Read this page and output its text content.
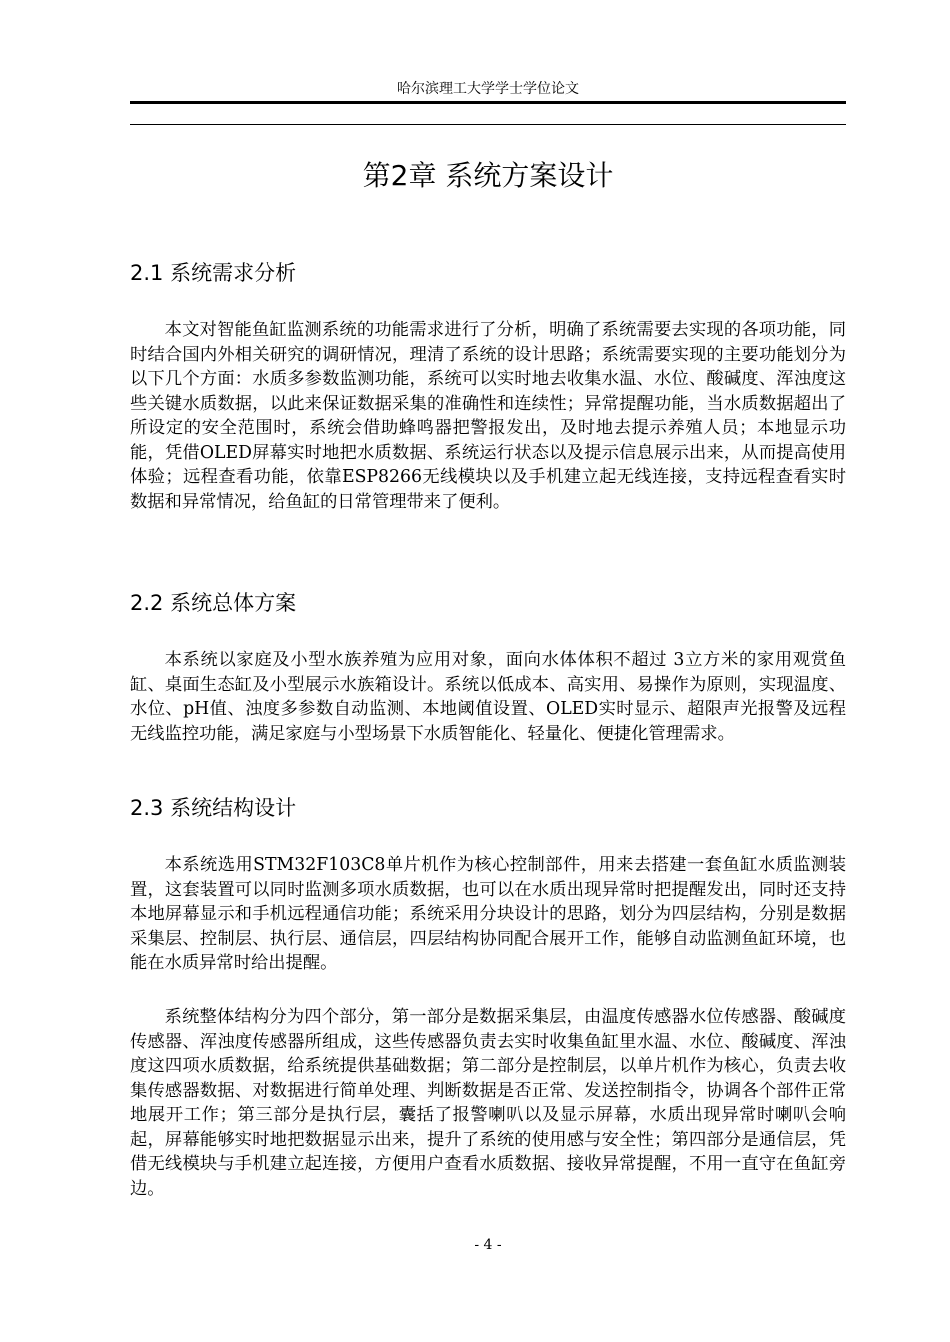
哈尔滨理工大学学士学位论文
第2章 系统方案设计
2.1 系统需求分析

本文对智能鱼缸监测系统的功能需求进行了分析，明确了系统需要去实现的各项功能，同时结合国内外相关研究的调研情况，理清了系统的设计思路；系统需要实现的主要功能划分为以下几个方面：水质多参数监测功能，系统可以实时地去收集水温、水位、酸碱度、浑浊度这些关键水质数据，以此来保证数据采集的准确性和连续性；异常提醒功能，当水质数据超出了所设定的安全范围时，系统会借助蜂鸣器把警报发出，及时地去提示养殖人员；本地显示功能，凭借OLED屏幕实时地把水质数据、系统运行状态以及提示信息展示出来，从而提高使用体验；远程查看功能，依靠ESP8266无线模块以及手机建立起无线连接，支持远程查看实时数据和异常情况，给鱼缸的日常管理带来了便利。

2.2 系统总体方案

本系统以家庭及小型水族养殖为应用对象，面向水体体积不超过 3立方米的家用观赏鱼缸、桌面生态缸及小型展示水族箱设计。系统以低成本、高实用、易操作为原则，实现温度、水位、pH值、浊度多参数自动监测、本地阈值设置、OLED实时显示、超限声光报警及远程无线监控功能，满足家庭与小型场景下水质智能化、轻量化、便捷化管理需求。

2.3 系统结构设计

本系统选用STM32F103C8单片机作为核心控制部件，用来去搭建一套鱼缸水质监测装置，这套装置可以同时监测多项水质数据，也可以在水质出现异常时把提醒发出，同时还支持本地屏幕显示和手机远程通信功能；系统采用分块设计的思路，划分为四层结构，分别是数据采集层、控制层、执行层、通信层，四层结构协同配合展开工作，能够自动监测鱼缸环境，也能在水质异常时给出提醒。

系统整体结构分为四个部分，第一部分是数据采集层，由温度传感器水位传感器、酸碱度传感器、浑浊度传感器所组成，这些传感器负责去实时收集鱼缸里水温、水位、酸碱度、浑浊度这四项水质数据，给系统提供基础数据；第二部分是控制层，以单片机作为核心，负责去收集传感器数据、对数据进行简单处理、判断数据是否正常、发送控制指令，协调各个部件正常地展开工作；第三部分是执行层，囊括了报警喇叭以及显示屏幕，水质出现异常时喇叭会响起，屏幕能够实时地把数据显示出来，提升了系统的使用感与安全性；第四部分是通信层，凭借无线模块与手机建立起连接，方便用户查看水质数据、接收异常提醒，不用一直守在鱼缸旁边。

- 4 -
